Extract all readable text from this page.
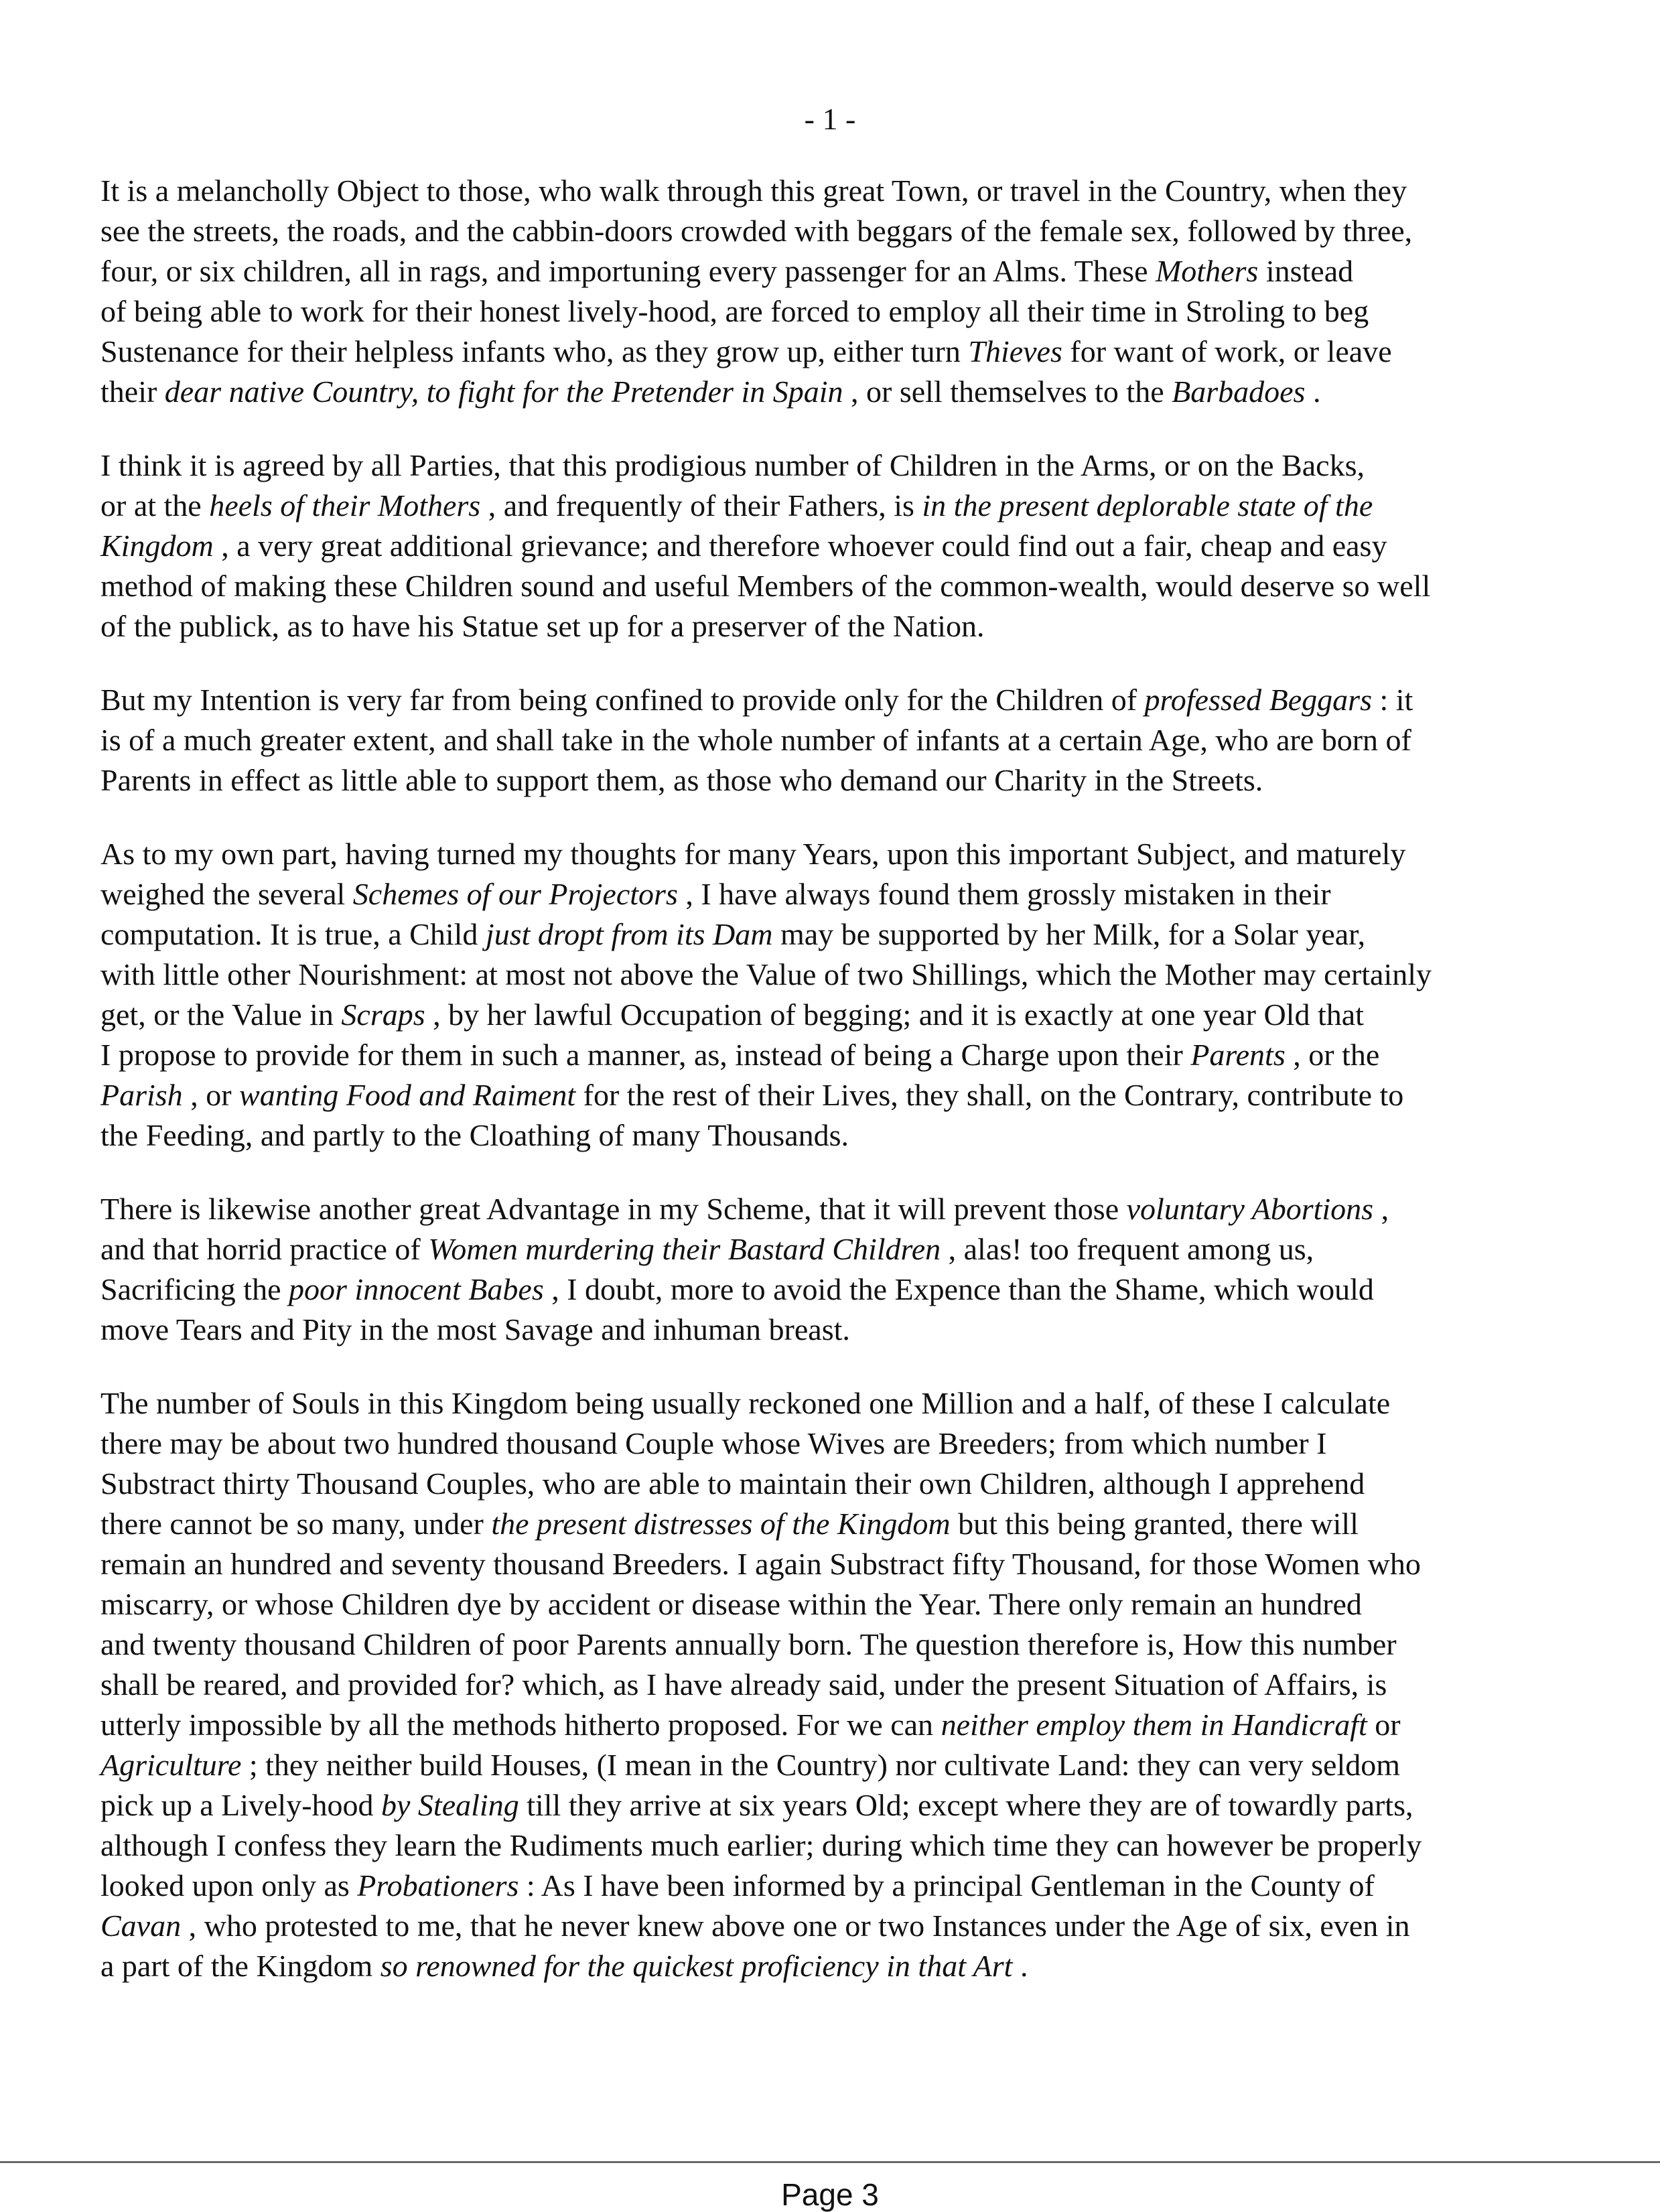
- 1 -

It is a melancholly Object to those, who walk through this great Town, or travel in the Country, when they
see the streets, the roads, and the cabbin-doors crowded with beggars of the female sex, followed by three,
four, or six children, all in rags, and importuning every passenger for an Alms. These Mothers instead
of being able to work for their honest lively-hood, are forced to employ all their time in Stroling to beg
Sustenance for their helpless infants who, as they grow up, either turn Thieves for want of work, or leave
their dear native Country, to fight for the Pretender in Spain , or sell themselves to the Barbadoes .

I think it is agreed by all Parties, that this prodigious number of Children in the Arms, or on the Backs,
or at the heels of their Mothers , and frequently of their Fathers, is in the present deplorable state of the
Kingdom , a very great additional grievance; and therefore whoever could find out a fair, cheap and easy
method of making these Children sound and useful Members of the common-wealth, would deserve so well
of the publick, as to have his Statue set up for a preserver of the Nation.

But my Intention is very far from being confined to provide only for the Children of professed Beggars : it
is of a much greater extent, and shall take in the whole number of infants at a certain Age, who are born of
Parents in effect as little able to support them, as those who demand our Charity in the Streets.

As to my own part, having turned my thoughts for many Years, upon this important Subject, and maturely
weighed the several Schemes of our Projectors , I have always found them grossly mistaken in their
computation. It is true, a Child just dropt from its Dam may be supported by her Milk, for a Solar year,
with little other Nourishment: at most not above the Value of two Shillings, which the Mother may certainly
get, or the Value in Scraps , by her lawful Occupation of begging; and it is exactly at one year Old that
I propose to provide for them in such a manner, as, instead of being a Charge upon their Parents , or the
Parish , or wanting Food and Raiment for the rest of their Lives, they shall, on the Contrary, contribute to
the Feeding, and partly to the Cloathing of many Thousands.

There is likewise another great Advantage in my Scheme, that it will prevent those voluntary Abortions ,
and that horrid practice of Women murdering their Bastard Children , alas! too frequent among us,
Sacrificing the poor innocent Babes , I doubt, more to avoid the Expence than the Shame, which would
move Tears and Pity in the most Savage and inhuman breast.

The number of Souls in this Kingdom being usually reckoned one Million and a half, of these I calculate
there may be about two hundred thousand Couple whose Wives are Breeders; from which number I
Substract thirty Thousand Couples, who are able to maintain their own Children, although I apprehend
there cannot be so many, under the present distresses of the Kingdom but this being granted, there will
remain an hundred and seventy thousand Breeders. I again Substract fifty Thousand, for those Women who
miscarry, or whose Children dye by accident or disease within the Year. There only remain an hundred
and twenty thousand Children of poor Parents annually born. The question therefore is, How this number
shall be reared, and provided for? which, as I have already said, under the present Situation of Affairs, is
utterly impossible by all the methods hitherto proposed. For we can neither employ them in Handicraft or
Agriculture ; they neither build Houses, (I mean in the Country) nor cultivate Land: they can very seldom
pick up a Lively-hood by Stealing till they arrive at six years Old; except where they are of towardly parts,
although I confess they learn the Rudiments much earlier; during which time they can however be properly
looked upon only as Probationers : As I have been informed by a principal Gentleman in the County of
Cavan , who protested to me, that he never knew above one or two Instances under the Age of six, even in
a part of the Kingdom so renowned for the quickest proficiency in that Art .

Page 3
